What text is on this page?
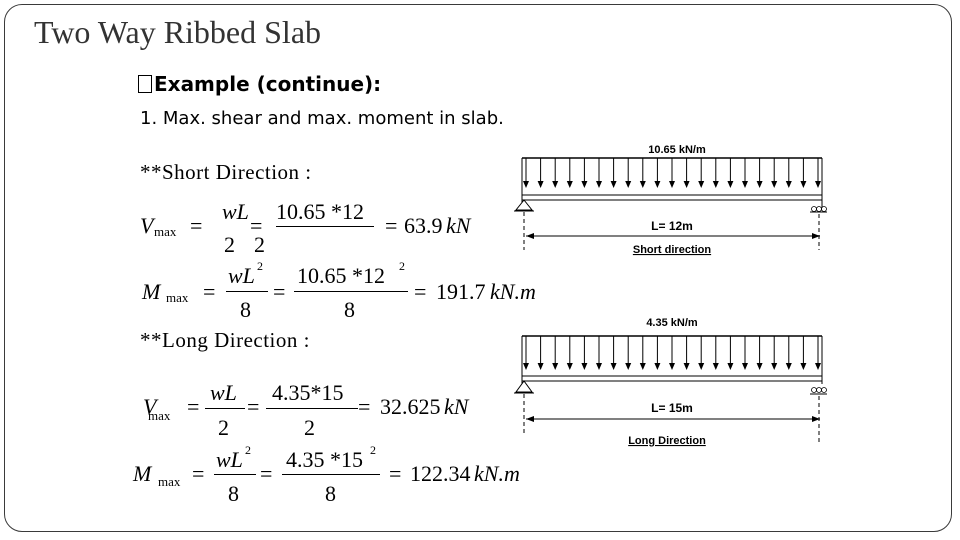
Two Way Ribbed Slab
Example (continue):
1. Max. shear and max. moment in slab.
**Short Direction :
V max =
wL
=
10.65 *12
= 63.9 kN
2 2
M max =
wL 2
8
=
10.65 *12 2
8
= 191.7 kN.m
**Long Direction :
V
max =
wL
2
=
4.35*15
2
= 32.625 kN
M max =
wL 2
8
=
4.35 *15 2
8
= 122.34 kN.m
10.65 kN/m
L= 12m
Short direction
4.35 kN/m
L= 15m
Long Direction
